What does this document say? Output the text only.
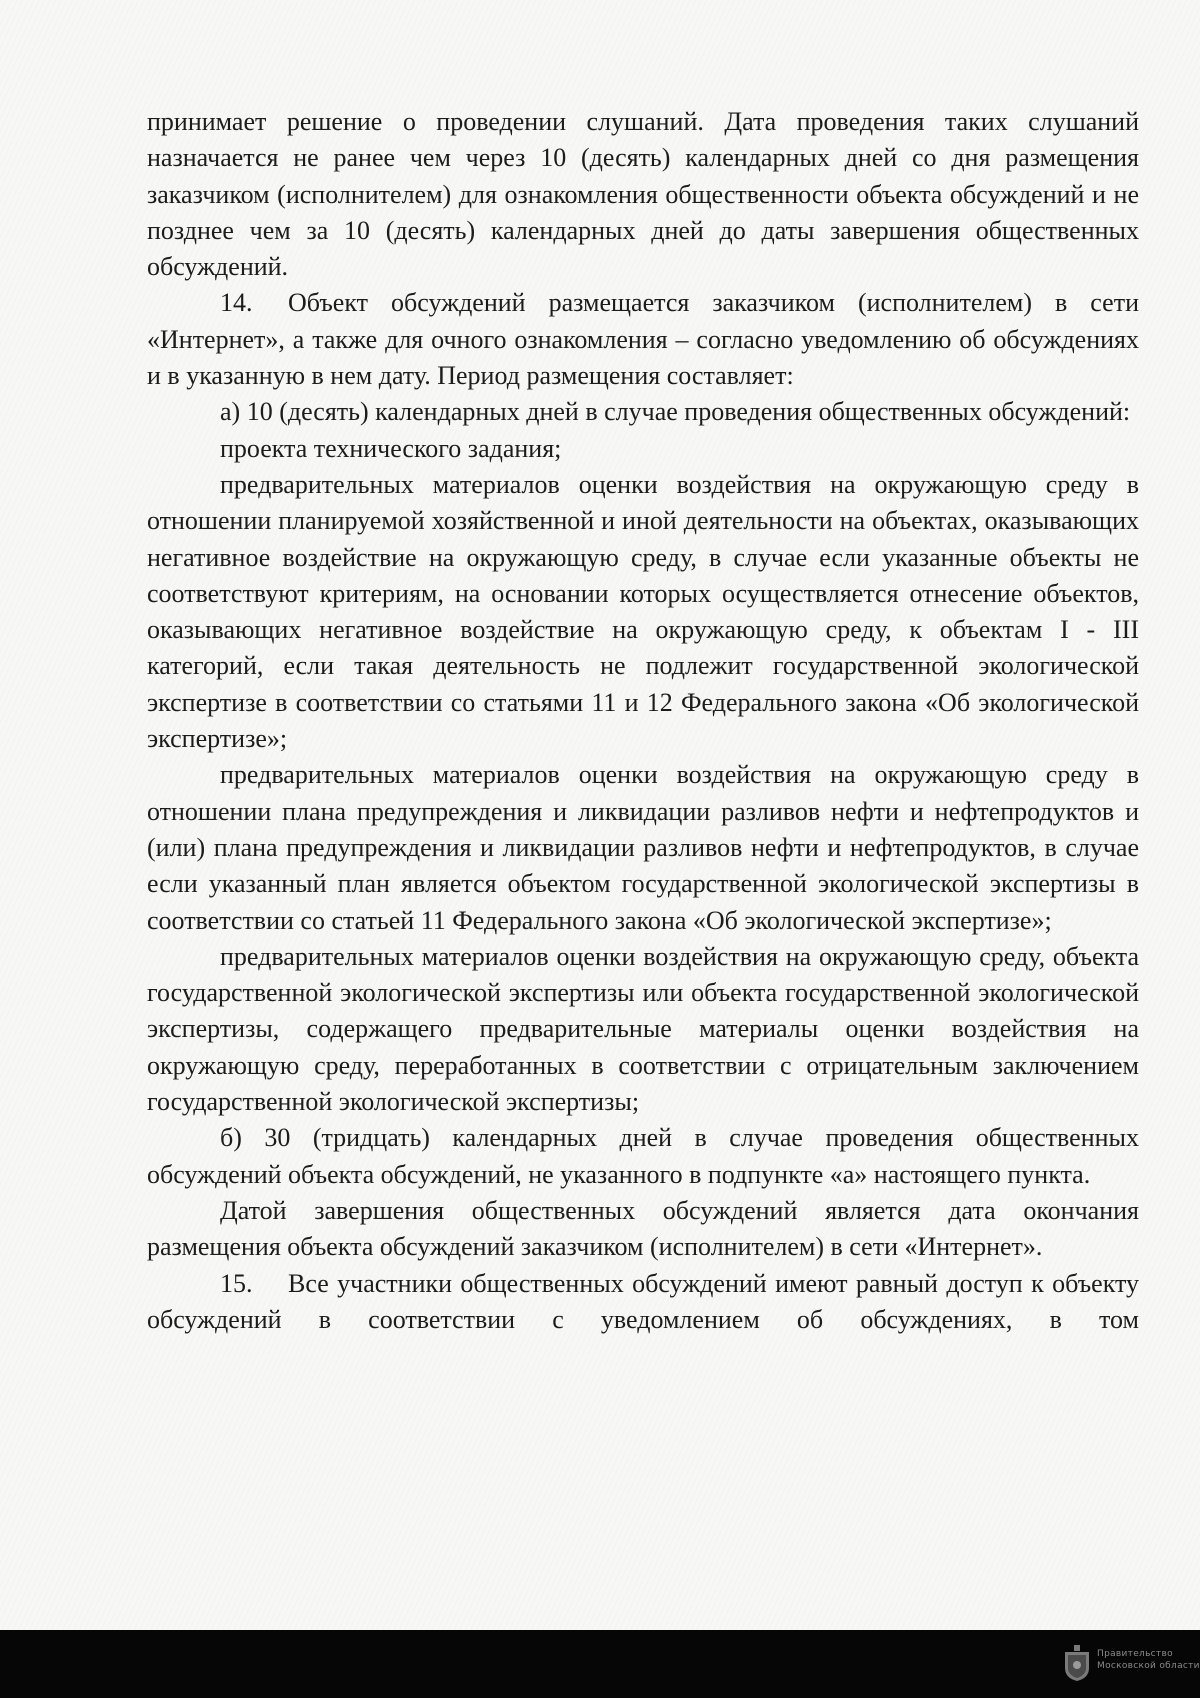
принимает решение о проведении слушаний. Дата проведения таких слушаний назначается не ранее чем через 10 (десять) календарных дней со дня размещения заказчиком (исполнителем) для ознакомления общественности объекта обсуждений и не позднее чем за 10 (десять) календарных дней до даты завершения общественных обсуждений.

14. Объект обсуждений размещается заказчиком (исполнителем) в сети «Интернет», а также для очного ознакомления – согласно уведомлению об обсуждениях и в указанную в нем дату. Период размещения составляет:

а) 10 (десять) календарных дней в случае проведения общественных обсуждений:

проекта технического задания;

предварительных материалов оценки воздействия на окружающую среду в отношении планируемой хозяйственной и иной деятельности на объектах, оказывающих негативное воздействие на окружающую среду, в случае если указанные объекты не соответствуют критериям, на основании которых осуществляется отнесение объектов, оказывающих негативное воздействие на окружающую среду, к объектам I - III категорий, если такая деятельность не подлежит государственной экологической экспертизе в соответствии со статьями 11 и 12 Федерального закона «Об экологической экспертизе»;

предварительных материалов оценки воздействия на окружающую среду в отношении плана предупреждения и ликвидации разливов нефти и нефтепродуктов и (или) плана предупреждения и ликвидации разливов нефти и нефтепродуктов, в случае если указанный план является объектом государственной экологической экспертизы в соответствии со статьей 11 Федерального закона «Об экологической экспертизе»;

предварительных материалов оценки воздействия на окружающую среду, объекта государственной экологической экспертизы или объекта государственной экологической экспертизы, содержащего предварительные материалы оценки воздействия на окружающую среду, переработанных в соответствии с отрицательным заключением государственной экологической экспертизы;

б) 30 (тридцать) календарных дней в случае проведения общественных обсуждений объекта обсуждений, не указанного в подпункте «а» настоящего пункта.

Датой завершения общественных обсуждений является дата окончания размещения объекта обсуждений заказчиком (исполнителем) в сети «Интернет».

15. Все участники общественных обсуждений имеют равный доступ к объекту обсуждений в соответствии с уведомлением об обсуждениях, в том

Правительство
Московской области
